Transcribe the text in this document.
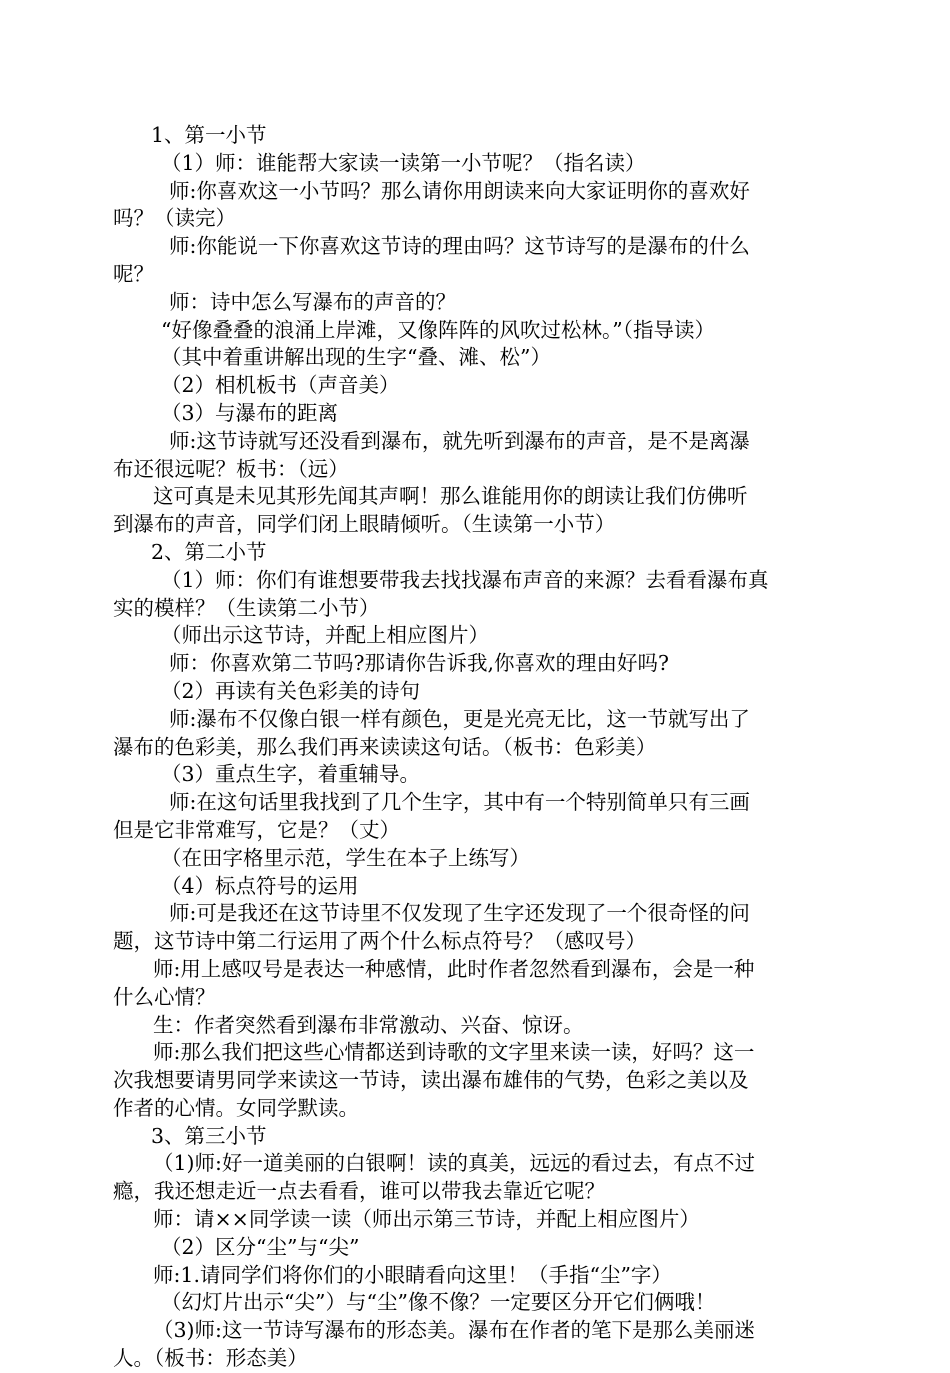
1、第一小节
（1）师：谁能帮大家读一读第一小节呢？（指名读）
师:你喜欢这一小节吗？那么请你用朗读来向大家证明你的喜欢好
吗？（读完）
师:你能说一下你喜欢这节诗的理由吗？这节诗写的是瀑布的什么
呢？
师：诗中怎么写瀑布的声音的？
“好像叠叠的浪涌上岸滩，又像阵阵的风吹过松林。”（指导读）
（其中着重讲解出现的生字“叠、滩、松”）
（2）相机板书（声音美）
（3）与瀑布的距离
师:这节诗就写还没看到瀑布，就先听到瀑布的声音，是不是离瀑
布还很远呢？板书：（远）
这可真是未见其形先闻其声啊！那么谁能用你的朗读让我们仿佛听
到瀑布的声音，同学们闭上眼睛倾听。（生读第一小节）
2、第二小节
（1）师：你们有谁想要带我去找找瀑布声音的来源？去看看瀑布真
实的模样？（生读第二小节）
（师出示这节诗，并配上相应图片）
师：你喜欢第二节吗?那请你告诉我,你喜欢的理由好吗?
（2）再读有关色彩美的诗句
师:瀑布不仅像白银一样有颜色，更是光亮无比，这一节就写出了
瀑布的色彩美，那么我们再来读读这句话。（板书：色彩美）
（3）重点生字，着重辅导。
师:在这句话里我找到了几个生字，其中有一个特别简单只有三画
但是它非常难写，它是？（丈）
（在田字格里示范，学生在本子上练写）
（4）标点符号的运用
师:可是我还在这节诗里不仅发现了生字还发现了一个很奇怪的问
题，这节诗中第二行运用了两个什么标点符号？（感叹号）
师:用上感叹号是表达一种感情，此时作者忽然看到瀑布，会是一种
什么心情？
生：作者突然看到瀑布非常激动、兴奋、惊讶。
师:那么我们把这些心情都送到诗歌的文字里来读一读，好吗？这一
次我想要请男同学来读这一节诗，读出瀑布雄伟的气势，色彩之美以及
作者的心情。女同学默读。
3、第三小节
（1)师:好一道美丽的白银啊！读的真美，远远的看过去，有点不过
瘾，我还想走近一点去看看，谁可以带我去靠近它呢？
师：请××同学读一读（师出示第三节诗，并配上相应图片）
（2）区分“尘”与“尖”
师:1.请同学们将你们的小眼睛看向这里！（手指“尘”字）
（幻灯片出示“尖”）与“尘”像不像？一定要区分开它们俩哦！
（3)师:这一节诗写瀑布的形态美。瀑布在作者的笔下是那么美丽迷
人。（板书：形态美）
